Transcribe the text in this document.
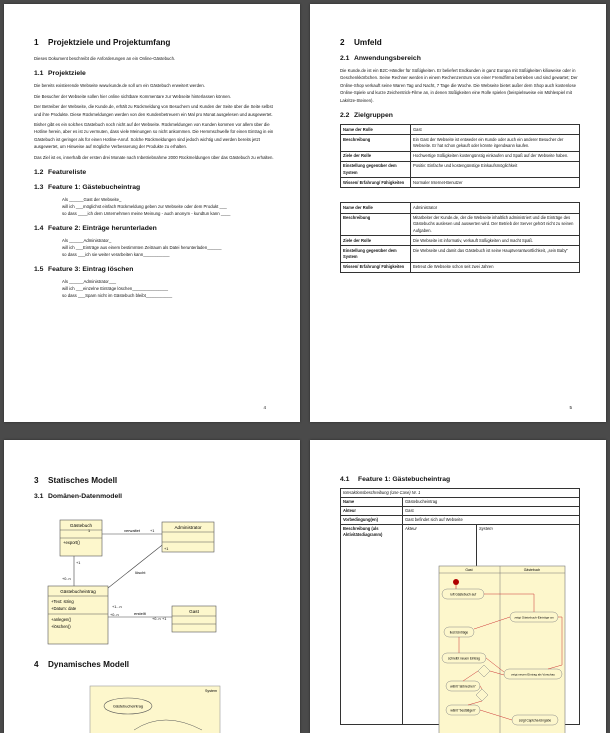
1 Projektziele und Projektumfang
Dieses Dokument beschreibt die Anforderungen an ein Online-Gästebuch.
1.1 Projektziele
Die bereits existierende Webseite www.kunde.de soll um ein Gästebuch erweitert werden.
Die Besucher der Webseite sollen hier online sichtbare Kommentare zur Webseite hinterlassen können.
Der Betreiber der Webseite, die Kunde.de, erhält zu Rückmeldung von Besuchern und Kunden der Seite über die Seite selbst und ihre Produkte. Diese Rückmeldungen werden von den Kundenbetreuern ein Mal pro Monat ausgelesen und ausgewertet.
Bisher gibt es ein solches Gästebuch noch nicht auf der Webseite. Rückmeldungen von Kunden kommen vor allem über die Hotline herein, aber es ist zu vermuten, dass viele Meinungen so nicht ankommen. Die Hemmschwelle für einen Eintrag in ein Gästebuch ist geringer als für einen Hotline-Anruf. Solche Rückmeldungen sind jedoch wichtig und werden bereits jetzt ausgewertet, um Hinweise auf mögliche Verbesserung der Produkte zu erhalten.
Das Ziel ist es, innerhalb der ersten drei Monate nach Inbetriebnahme 2000 Rückmeldungen über das Gästebuch zu erhalten.
1.2 Featureliste
1.3 Feature 1: Gästebucheintrag
Als ______Gast der Webseite_
will ich ___möglichst einfach Rückmeldung geben zur Webseite oder dem Produkt ___
so dass ____ich dem Unternehmen meine Meinung - auch anonym - kundtun kann ____
1.4 Feature 2: Einträge herunterladen
Als ______Administrator_
will ich ___Einträge aus einem bestimmten Zeitraum als Datei herunterladen______
so dass ___ich sie weiter verarbeiten kann___________
1.5 Feature 3: Eintrag löschen
Als ______Administrator___
will ich ___einzelne Einträge löschen_______________
so dass ___Spam nicht im Gästebuch bleibt___________
4
2 Umfeld
2.1 Anwendungsbereich
Die Kunde.de ist ein B2C-Händler für Süßigkeiten. Er beliefert Endkunden in ganz Europa mit Süßigkeiten kilioweise oder in Geschenkkörbchen. Seine Rechner werden in einem Rechenzentrum von einer Fremdfirma betrieben und sind gewartet; Der Online-Shop verkauft seine Waren Tag und Nacht, 7 Tage die Woche. Die Webseite bietet außer dem Shop auch kostenlose Online-Spiele und kurze Zeichentrick-Filme an, in denen Süßigkeiten eine Rolle spielen (beispielsweise ein Mühlespiel mit Lakritze-Steinen).
2.2 Zielgruppen
Name der Rolle	Gast
Beschreibung	Ein Gast der Webseite ist entweder ein Kunde oder auch ein anderer Besucher der Webseite. Er hat schon gekauft oder könnte irgendwann kaufen.
Ziele der Rolle	Hochwertige Süßigkeiten kostengünstig einkaufen und Spaß auf der Webseite haben.
Einstellung gegenüber dem System	Positiv: Einfache und kostengünstige Einkaufsmöglichkeit
Wissen/ Erfahrung/ Fähigkeiten	Normaler Internet-Benutzer
Name der Rolle	Administrator
Beschreibung	Mitarbeiter der Kunde.de, der die Webseite inhaltlich administriert und die Einträge des Gästebuchs auslesen und auswerten wird. Der Betrieb der Server gehört nicht zu seinen Aufgaben.
Ziele der Rolle	Die Webseite ist informativ, verkauft Süßigkeiten und macht Spaß.
Einstellung gegenüber dem System	Die Webseite und damit das Gästebuch ist seine Hauptverantwortlichkeit, „sein Baby“
Wissen/ Erfahrung/ Fähigkeiten	Betreut die Webseite schon seit zwei Jahren
5
3 Statisches Modell
3.1 Domänen-Datenmodell
Gästebuch
+export()
Administrator
Gästebucheintrag
+Text: string
+Datum: date
+anlegen()
+löschen()
Gast
verwaltet
löscht
erstellt
1	+1
+1
+0..n
+1...n
+1
+0..n
+0..n +1
4 Dynamisches Modell
System
Gästebucheintrag
4.1 Feature 1: Gästebucheintrag
Interaktionsbeschreibung (Use Case) Nr. 1		
Name	Gästebucheintrag	
Akteur	Gast	
Vorbedingung(en)	Gast befindet sich auf Webseite	
Beschreibung (als Aktivitätsdiagramm)	Akteur	System
Gast	Gästebuch
ruft Gästebuch auf
zeigt Gästebuch-Einträge an
liest Einträge
schreibt neuen Eintrag
zeigt neuen Eintrag als Vorschau
wählt "abbrechen"
wählt "bestätigen"
zeigt Captcha-Eingabe
